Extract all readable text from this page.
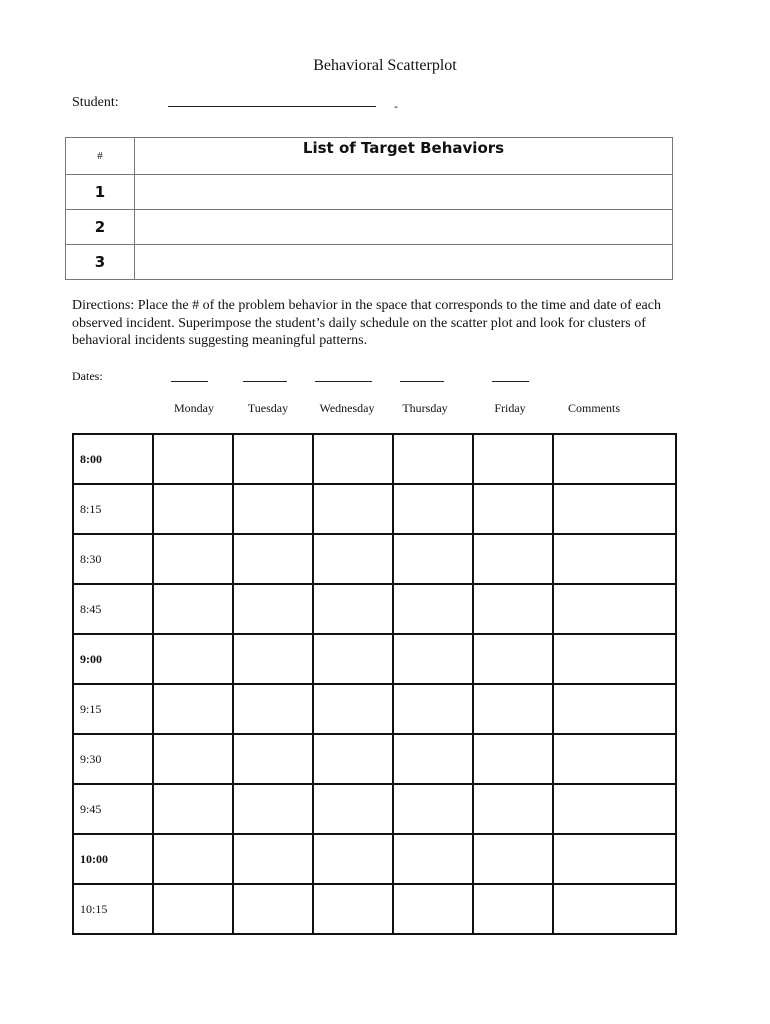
Behavioral Scatterplot
Student:	-
#	List of Target Behaviors
1	
2	
3	
Directions: Place the # of the problem behavior in the space that corresponds to the time and date of each observed incident. Superimpose the student’s daily schedule on the scatter plot and look for clusters of behavioral incidents suggesting meaningful patterns.
Dates:
Monday	Tuesday	Wednesday	Thursday	Friday	Comments
8:00						
8:15						
8:30						
8:45						
9:00						
9:15						
9:30						
9:45						
10:00						
10:15						
